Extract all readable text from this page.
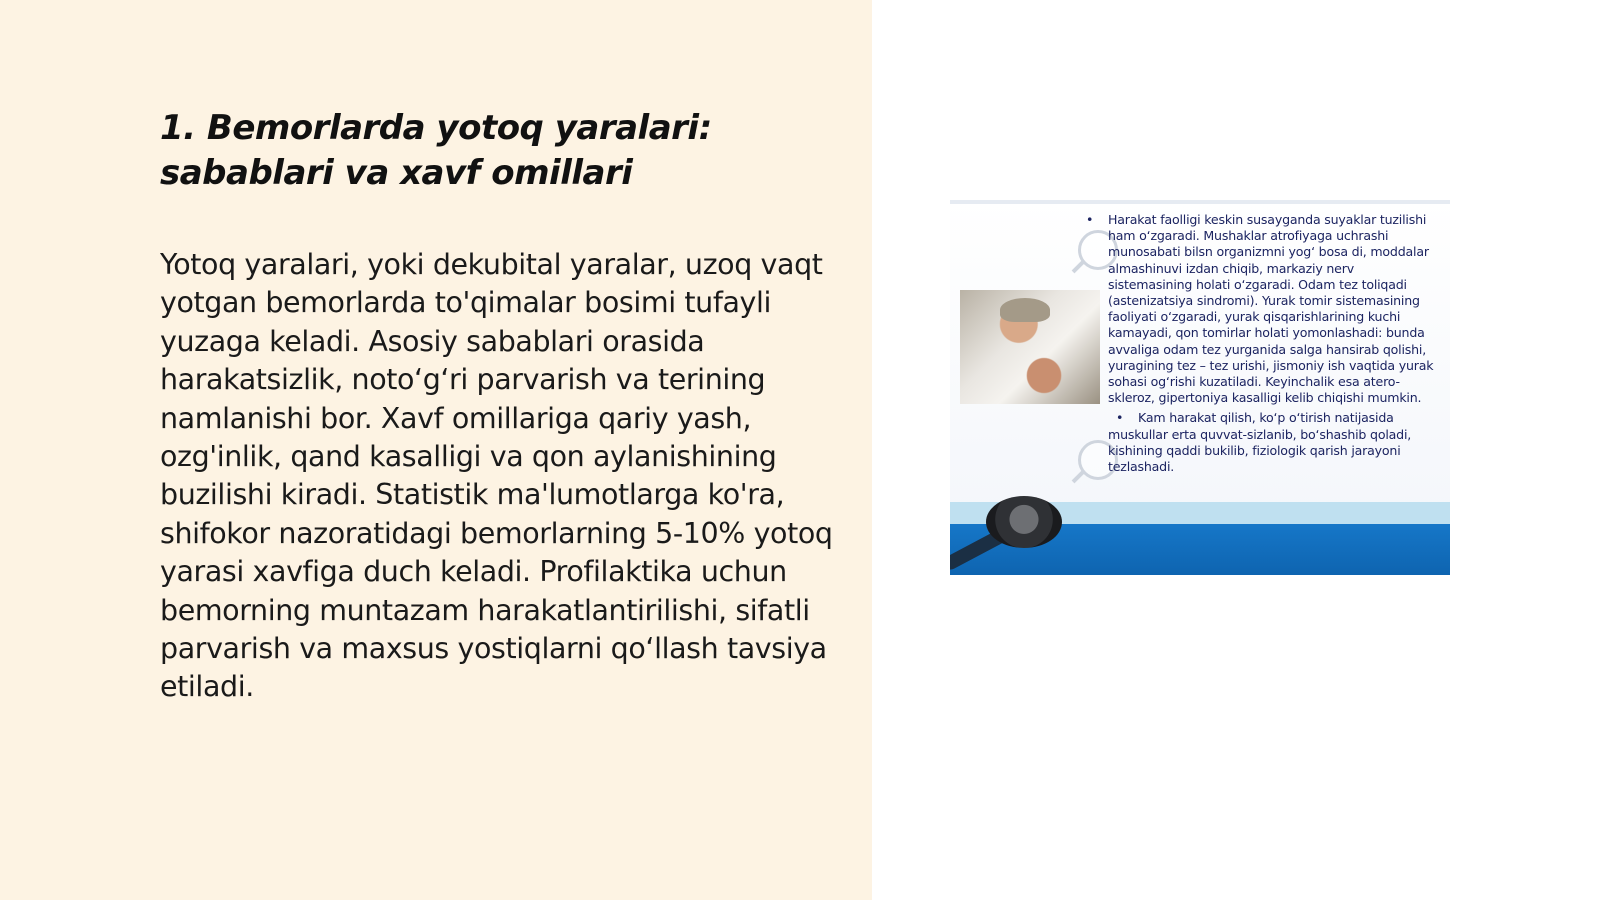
1. Bemorlarda yotoq yaralari:
sabablari va xavf omillari

Yotoq yaralari, yoki dekubital yaralar, uzoq vaqt yotgan bemorlarda to'qimalar bosimi tufayli yuzaga keladi. Asosiy sabablari orasida harakatsizlik, noto‘g‘ri parvarish va terining namlanishi bor. Xavf omillariga qariy yash, ozg'inlik, qand kasalligi va qon aylanishining buzilishi kiradi. Statistik ma'lumotlarga ko'ra, shifokor nazoratidagi bemorlarning 5-10% yotoq yarasi xavfiga duch keladi. Profilaktika uchun bemorning muntazam harakatlantirilishi, sifatli parvarish va maxsus yostiqlarni qo‘llash tavsiya etiladi.

• Harakat faolligi keskin susayganda suyaklar tuzilishi ham o‘zgaradi. Mushaklar atrofiyaga uchrashi munosabati bilsn organizmni yog‘ bosa di, moddalar almashinuvi izdan chiqib, markaziy nerv sistemasining holati o‘zgaradi. Odam tez toliqadi (astenizatsiya sindromi). Yurak tomir sistemasining faoliyati o‘zgaradi, yurak qisqarishlarining kuchi kamayadi, qon tomirlar holati yomonlashadi: bunda avvaliga odam tez yurganida salga hansirab qolishi, yuragining tez – tez urishi, jismoniy ish vaqtida yurak sohasi og‘rishi kuzatiladi. Keyinchalik esa atero-skleroz, gipertoniya kasalligi kelib chiqishi mumkin.
• Kam harakat qilish, ko‘p o‘tirish natijasida muskullar erta quvvat-sizlanib, bo‘shashib qoladi, kishining qaddi bukilib, fiziologik qarish jarayoni tezlashadi.
